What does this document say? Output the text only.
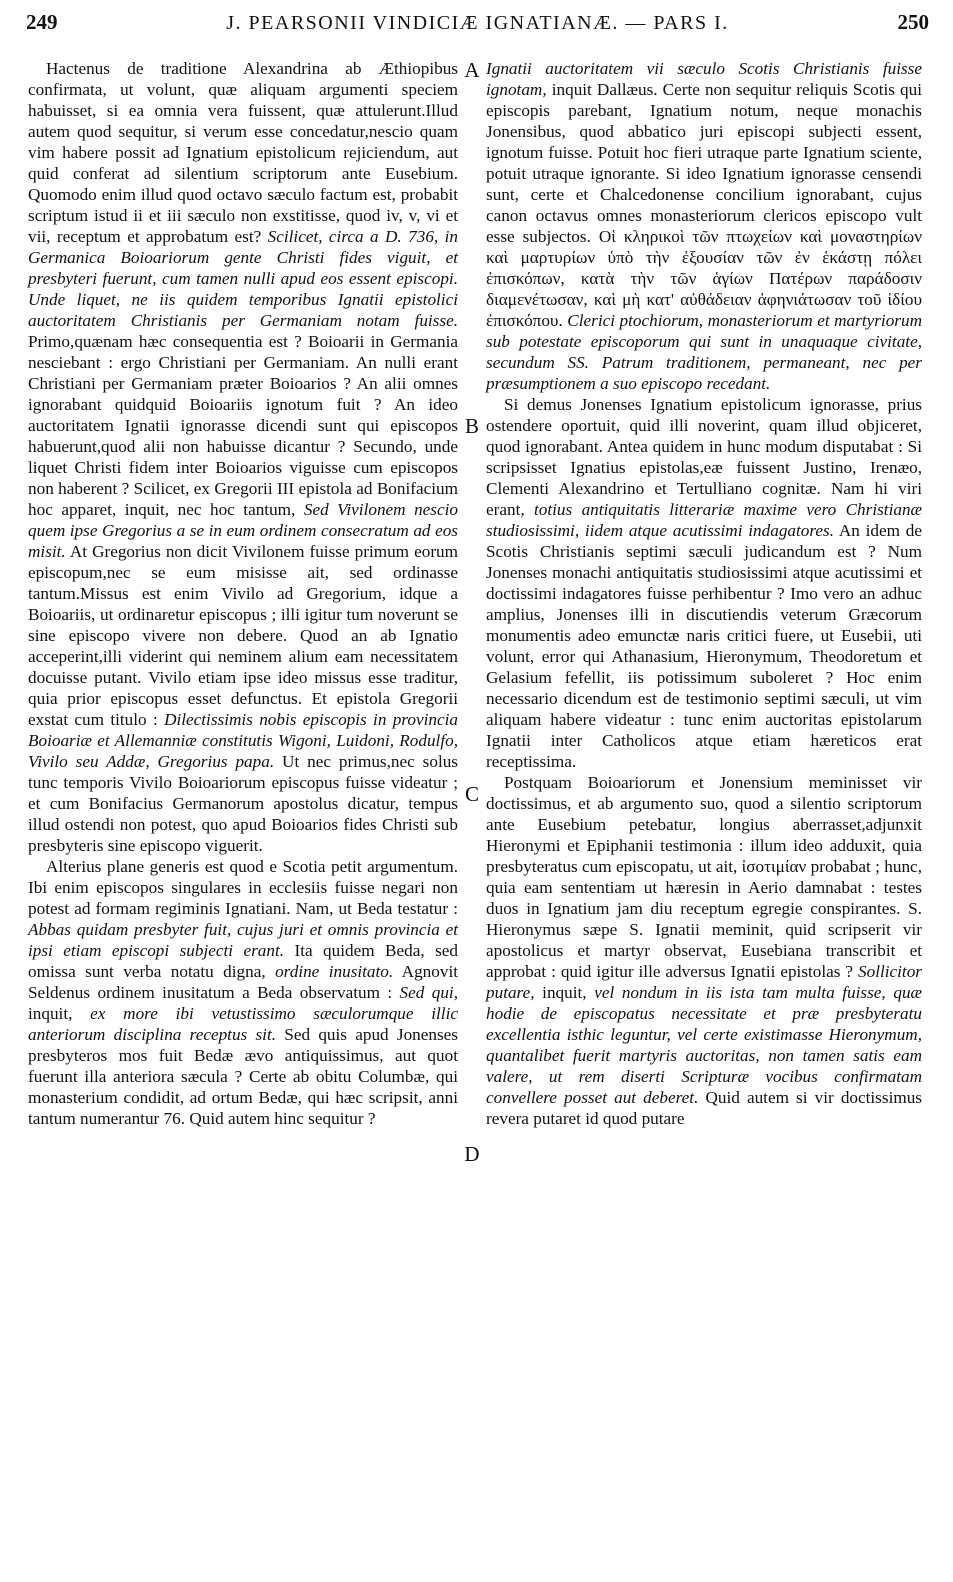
249	J. PEARSONII VINDICIÆ IGNATIANÆ. — PARS I.	250
A
B
C
D

Hactenus de traditione Alexandrina ab Æthiopibus confirmata, ut volunt, quæ aliquam argumenti speciem habuisset, si ea omnia vera fuissent, quæ attulerunt.Illud autem quod sequitur, si verum esse concedatur,nescio quam vim habere possit ad Ignatium epistolicum rejiciendum, aut quid conferat ad silentium scriptorum ante Eusebium. Quomodo enim illud quod octavo sæculo factum est, probabit scriptum istud ii et iii sæculo non exstitisse, quod iv, v, vi et vii, receptum et approbatum est? Scilicet, circa a D. 736, in Germanica Boioariorum gente Christi fides viguit, et presbyteri fuerunt, cum tamen nulli apud eos essent episcopi. Unde liquet, ne iis quidem temporibus Ignatii epistolici auctoritatem Christianis per Germaniam notam fuisse. Primo,quænam hæc consequentia est ? Boioarii in Germania nesciebant : ergo Christiani per Germaniam. An nulli erant Christiani per Germaniam præter Boioarios ? An alii omnes ignorabant quidquid Boioariis ignotum fuit ? An ideo auctoritatem Ignatii ignorasse dicendi sunt qui episcopos habuerunt,quod alii non habuisse dicantur ? Secundo, unde liquet Christi fidem inter Boioarios viguisse cum episcopos non haberent ? Scilicet, ex Gregorii III epistola ad Bonifacium hoc apparet, inquit, nec hoc tantum, Sed Vivilonem nescio quem ipse Gregorius a se in eum ordinem consecratum ad eos misit. At Gregorius non dicit Vivilonem fuisse primum eorum episcopum,nec se eum misisse ait, sed ordinasse tantum.Missus est enim Vivilo ad Gregorium, idque a Boioariis, ut ordinaretur episcopus ; illi igitur tum noverunt se sine episcopo vivere non debere. Quod an ab Ignatio acceperint,illi viderint qui neminem alium eam necessitatem docuisse putant. Vivilo etiam ipse ideo missus esse traditur, quia prior episcopus esset defunctus. Et epistola Gregorii exstat cum titulo : Dilectissimis nobis episcopis in provincia Boioariæ et Allemanniæ constitutis Wigoni, Luidoni, Rodulfo, Vivilo seu Addæ, Gregorius papa. Ut nec primus,nec solus tunc temporis Vivilo Boioariorum episcopus fuisse videatur ; et cum Bonifacius Germanorum apostolus dicatur, tempus illud ostendi non potest, quo apud Boioarios fides Christi sub presbyteris sine episcopo viguerit.

Alterius plane generis est quod e Scotia petit argumentum. Ibi enim episcopos singulares in ecclesiis fuisse negari non potest ad formam regiminis Ignatiani. Nam, ut Beda testatur : Abbas quidam presbyter fuit, cujus juri et omnis provincia et ipsi etiam episcopi subjecti erant. Ita quidem Beda, sed omissa sunt verba notatu digna, ordine inusitato. Agnovit Seldenus ordinem inusitatum a Beda observatum : Sed qui, inquit, ex more ibi vetustissimo sæculorumque illic anteriorum disciplina receptus sit. Sed quis apud Jonenses presbyteros mos fuit Bedæ ævo antiquissimus, aut quot fuerunt illa anteriora sæcula ? Certe ab obitu Columbæ, qui monasterium condidit, ad ortum Bedæ, qui hæc scripsit, anni tantum numerantur 76. Quid autem hinc sequitur ?

Ignatii auctoritatem vii sæculo Scotis Christianis fuisse ignotam, inquit Dallæus. Certe non sequitur reliquis Scotis qui episcopis parebant, Ignatium notum, neque monachis Jonensibus, quod abbatico juri episcopi subjecti essent, ignotum fuisse. Potuit hoc fieri utraque parte Ignatium sciente, potuit utraque ignorante. Si ideo Ignatium ignorasse censendi sunt, certe et Chalcedonense concilium ignorabant, cujus canon octavus omnes monasteriorum clericos episcopo vult esse subjectos. Οἱ κληρικοὶ τῶν πτωχείων καὶ μοναστηρίων καὶ μαρτυρίων ὑπὸ τὴν ἐξουσίαν τῶν ἐν ἑκάστῃ πόλει ἐπισκόπων, κατὰ τὴν τῶν ἁγίων Πατέρων παράδοσιν διαμενέτωσαν, καὶ μὴ κατ' αὐθάδειαν ἀφηνιάτωσαν τοῦ ἰδίου ἐπισκόπου. Clerici ptochiorum, monasteriorum et martyriorum sub potestate episcoporum qui sunt in unaquaque civitate, secundum SS. Patrum traditionem, permaneant, nec per præsumptionem a suo episcopo recedant.

Si demus Jonenses Ignatium epistolicum ignorasse, prius ostendere oportuit, quid illi noverint, quam illud objiceret, quod ignorabant. Antea quidem in hunc modum disputabat : Si scripsisset Ignatius epistolas,eæ fuissent Justino, Irenæo, Clementi Alexandrino et Tertulliano cognitæ. Nam hi viri erant, totius antiquitatis litterariæ maxime vero Christianæ studiosissimi, iidem atque acutissimi indagatores. An idem de Scotis Christianis septimi sæculi judicandum est ? Num Jonenses monachi antiquitatis studiosissimi atque acutissimi et doctissimi indagatores fuisse perhibentur ? Imo vero an adhuc amplius, Jonenses illi in discutiendis veterum Græcorum monumentis adeo emunctæ naris critici fuere, ut Eusebii, uti volunt, error qui Athanasium, Hieronymum, Theodoretum et Gelasium fefellit, iis potissimum suboleret ? Hoc enim necessario dicendum est de testimonio septimi sæculi, ut vim aliquam habere videatur : tunc enim auctoritas epistolarum Ignatii inter Catholicos atque etiam hæreticos erat receptissima.

Postquam Boioariorum et Jonensium meminisset vir doctissimus, et ab argumento suo, quod a silentio scriptorum ante Eusebium petebatur, longius aberrasset,adjunxit Hieronymi et Epiphanii testimonia : illum ideo adduxit, quia presbyteratus cum episcopatu, ut ait, ἰσοτιμίαν probabat ; hunc, quia eam sententiam ut hæresin in Aerio damnabat : testes duos in Ignatium jam diu receptum egregie conspirantes. S. Hieronymus sæpe S. Ignatii meminit, quid scripserit vir apostolicus et martyr observat, Eusebiana transcribit et approbat : quid igitur ille adversus Ignatii epistolas ? Sollicitor putare, inquit, vel nondum in iis ista tam multa fuisse, quæ hodie de episcopatus necessitate et præ presbyteratu excellentia isthic leguntur, vel certe existimasse Hieronymum, quantalibet fuerit martyris auctoritas, non tamen satis eam valere, ut rem diserti Scripturæ vocibus confirmatam convellere posset aut deberet. Quid autem si vir doctissimus revera putaret id quod putare
